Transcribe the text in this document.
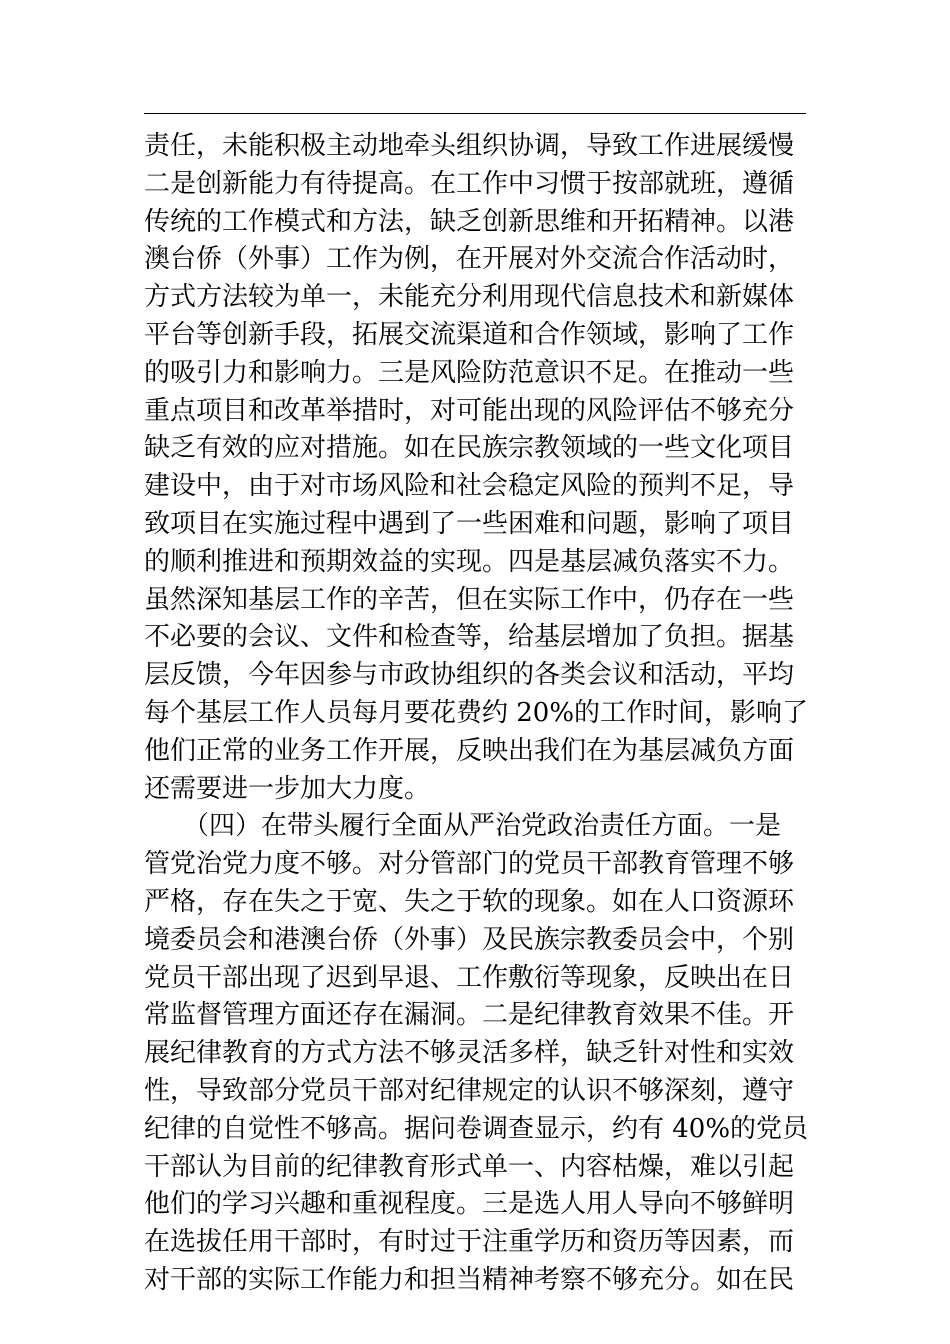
责任，未能积极主动地牵头组织协调，导致工作进展缓慢
二是创新能力有待提高。在工作中习惯于按部就班，遵循
传统的工作模式和方法，缺乏创新思维和开拓精神。以港
澳台侨（外事）工作为例，在开展对外交流合作活动时，
方式方法较为单一，未能充分利用现代信息技术和新媒体
平台等创新手段，拓展交流渠道和合作领域，影响了工作
的吸引力和影响力。三是风险防范意识不足。在推动一些
重点项目和改革举措时，对可能出现的风险评估不够充分
缺乏有效的应对措施。如在民族宗教领域的一些文化项目
建设中，由于对市场风险和社会稳定风险的预判不足，导
致项目在实施过程中遇到了一些困难和问题，影响了项目
的顺利推进和预期效益的实现。四是基层减负落实不力。
虽然深知基层工作的辛苦，但在实际工作中，仍存在一些
不必要的会议、文件和检查等，给基层增加了负担。据基
层反馈，今年因参与市政协组织的各类会议和活动，平均
每个基层工作人员每月要花费约 20%的工作时间，影响了
他们正常的业务工作开展，反映出我们在为基层减负方面
还需要进一步加大力度。
　　（四）在带头履行全面从严治党政治责任方面。一是
管党治党力度不够。对分管部门的党员干部教育管理不够
严格，存在失之于宽、失之于软的现象。如在人口资源环
境委员会和港澳台侨（外事）及民族宗教委员会中，个别
党员干部出现了迟到早退、工作敷衍等现象，反映出在日
常监督管理方面还存在漏洞。二是纪律教育效果不佳。开
展纪律教育的方式方法不够灵活多样，缺乏针对性和实效
性，导致部分党员干部对纪律规定的认识不够深刻，遵守
纪律的自觉性不够高。据问卷调查显示，约有 40%的党员
干部认为目前的纪律教育形式单一、内容枯燥，难以引起
他们的学习兴趣和重视程度。三是选人用人导向不够鲜明
在选拔任用干部时，有时过于注重学历和资历等因素，而
对干部的实际工作能力和担当精神考察不够充分。如在民
